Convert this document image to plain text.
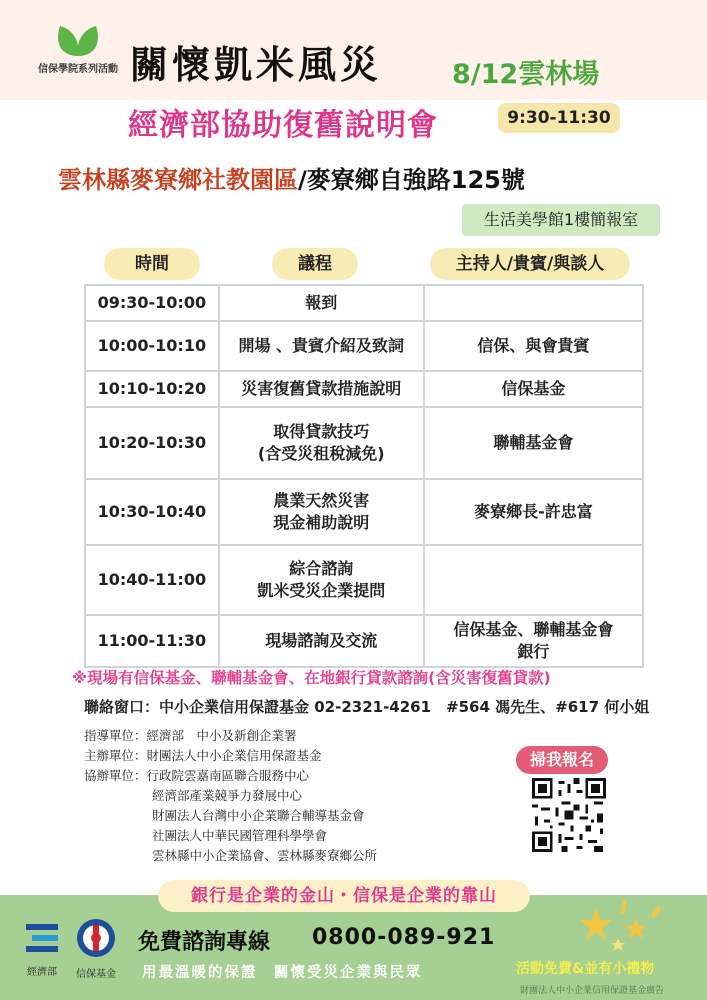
信保學院系列活動 關懷凱米風災	8/12雲林場
經濟部協助復舊說明會	9:30-11:30
雲林縣麥寮鄉社教園區/麥寮鄉自強路125號
生活美學館1樓簡報室
時間	議程	主持人/貴賓/與談人
09:30-10:00	報到	

10:00-10:10	開場 、貴賓介紹及致詞	信保、與會貴賓

10:10-10:20	災害復舊貸款措施說明	信保基金

10:20-10:30	取得貸款技巧
(含受災租稅減免)	聯輔基金會

10:30-10:40	農業天然災害
現金補助說明	麥寮鄉長-許忠富

10:40-11:00	綜合諮詢
凱米受災企業提問	

11:00-11:30	現場諮詢及交流	信保基金、聯輔基金會
銀行
※現場有信保基金、聯輔基金會、在地銀行貸款諮詢(含災害復舊貸款)
聯絡窗口：中小企業信用保證基金 02-2321-4261　#564 馮先生、#617 何小姐
指導單位：經濟部　中小及新創企業署
主辦單位：財團法人中小企業信用保證基金
協辦單位：行政院雲嘉南區聯合服務中心
經濟部產業競爭力發展中心
財團法人台灣中小企業聯合輔導基金會
社團法人中華民國管理科學學會
雲林縣中小企業協會、雲林縣麥寮鄉公所
掃我報名
銀行是企業的金山・信保是企業的靠山
經濟部	信保基金
免費諮詢專線 0800-089-921
用最溫暖的保證　關懷受災企業與民眾	活動免費&並有小禮物
財團法人中小企業信用保證基金廣告
